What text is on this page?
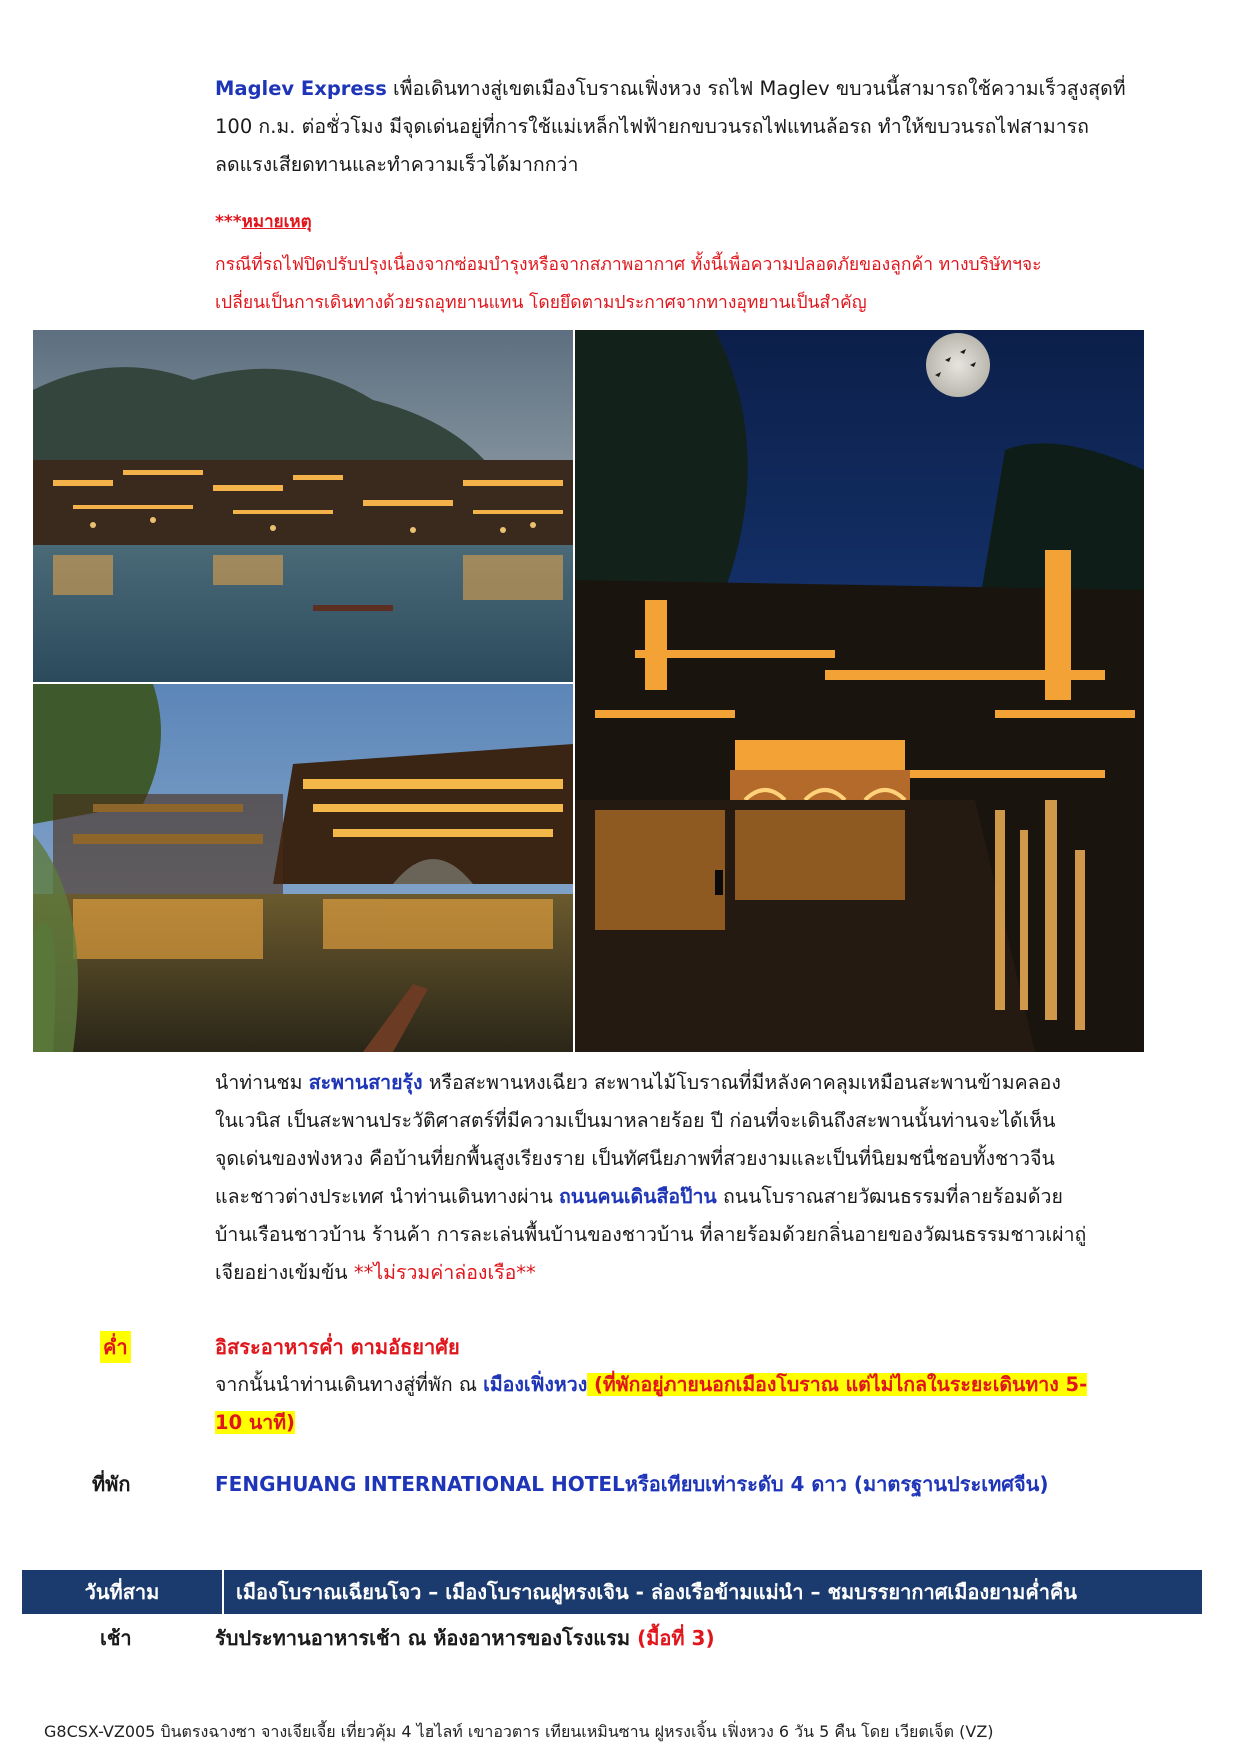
Maglev Express เพื่อเดินทางสู่เขตเมืองโบราณเฟิ่งหวง รถไฟ Maglev ขบวนนี้สามารถใช้ความเร็วสูงสุดที่
100 ก.ม. ต่อชั่วโมง มีจุดเด่นอยู่ที่การใช้แม่เหล็กไฟฟ้ายกขบวนรถไฟแทนล้อรถ ทำให้ขบวนรถไฟสามารถ
ลดแรงเสียดทานและทำความเร็วได้มากกว่า
***หมายเหตุ
กรณีที่รถไฟปิดปรับปรุงเนื่องจากซ่อมบำรุงหรือจากสภาพอากาศ ทั้งนี้เพื่อความปลอดภัยของลูกค้า ทางบริษัทฯจะ
เปลี่ยนเป็นการเดินทางด้วยรถอุทยานแทน โดยยึดตามประกาศจากทางอุทยานเป็นสำคัญ
นำท่านชม สะพานสายรุ้ง หรือสะพานหงเฉียว สะพานไม้โบราณที่มีหลังคาคลุมเหมือนสะพานข้ามคลอง
ในเวนิส เป็นสะพานประวัติศาสตร์ที่มีความเป็นมาหลายร้อย ปี ก่อนที่จะเดินถึงสะพานนั้นท่านจะได้เห็น
จุดเด่นของฟ่งหวง คือบ้านที่ยกพื้นสูงเรียงราย เป็นทัศนียภาพที่สวยงามและเป็นที่นิยมชนื่ชอบทั้งชาวจีน
และชาวต่างประเทศ นำท่านเดินทางผ่าน ถนนคนเดินสือป๊าน ถนนโบราณสายวัฒนธรรมที่ลายร้อมด้วย
บ้านเรือนชาวบ้าน ร้านค้า การละเล่นพื้นบ้านของชาวบ้าน ที่ลายร้อมด้วยกลิ่นอายของวัฒนธรรมชาวเผ่าถู่
เจียอย่างเข้มข้น **ไม่รวมค่าล่องเรือ**
ค่ำ	อิสระอาหารค่ำ ตามอัธยาศัย
จากนั้นนำท่านเดินทางสู่ที่พัก ณ เมืองเฟิ่งหวง (ที่พักอยู่ภายนอกเมืองโบราณ แต่ไม่ไกลในระยะเดินทาง 5-
10 นาที)
ที่พัก	FENGHUANG INTERNATIONAL HOTELหรือเทียบเท่าระดับ 4 ดาว (มาตรฐานประเทศจีน)
วันที่สาม	เมืองโบราณเฉียนโจว – เมืองโบราณฝูหรงเจิน - ล่องเรือข้ามแม่นำ – ชมบรรยากาศเมืองยามค่ำคืน
เช้า	รับประทานอาหารเช้า ณ ห้องอาหารของโรงแรม (มื้อที่ 3)
G8CSX-VZ005 บินตรงฉางซา จางเจียเจี้ย เที่ยวคุ้ม 4 ไฮไลท์ เขาอวตาร เทียนเหมินซาน ฝูหรงเจิ้น เฟิ่งหวง 6 วัน 5 คืน โดย เวียตเจ็ต (VZ)
